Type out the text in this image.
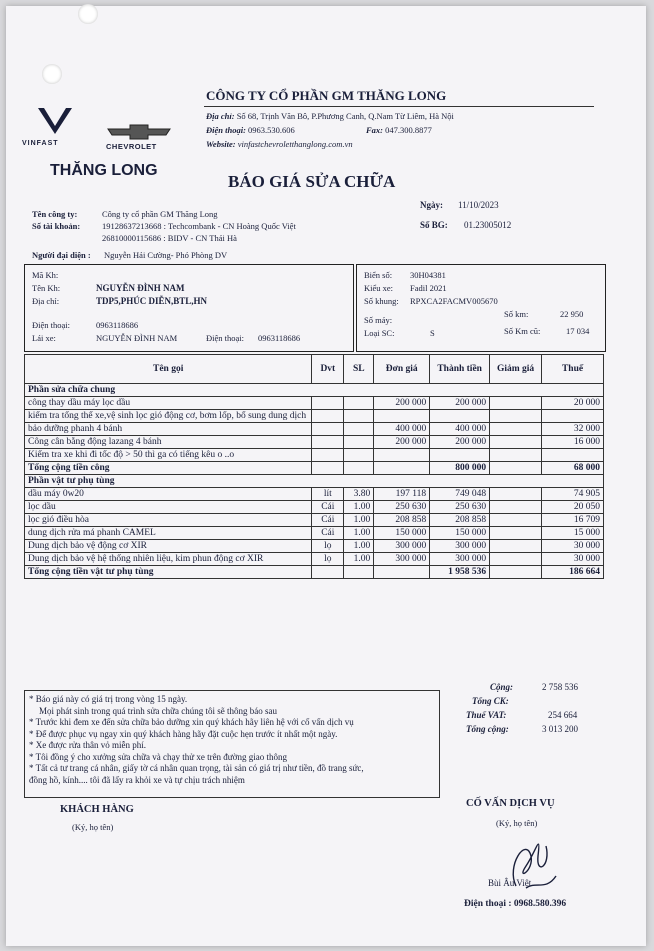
VINFAST	CHEVROLET
THĂNG LONG
CÔNG TY CỔ PHẦN GM THĂNG LONG
Địa chỉ: Số 68, Trịnh Văn Bô, P.Phương Canh, Q.Nam Từ Liêm, Hà Nội
Điện thoại: 0963.530.606	Fax: 047.300.8877
Website: vinfastchevroletthanglong.com.vn
BÁO GIÁ SỬA CHỮA
Ngày: 11/10/2023
Số BG: 01.23005012
Tên công ty:	Công ty cổ phần GM Thăng Long
Số tài khoản:	19128637213668 : Techcombank - CN Hoàng Quốc Việt
26810000115686 : BIDV - CN Thái Hà
Người đại diện : Nguyễn Hải Cường- Phó Phòng DV
Mã Kh:
Tên Kh:	NGUYỄN ĐÌNH NAM
Địa chỉ:	TDP5,PHÚC DIỄN,BTL,HN
Điện thoại:	0963118686
Lái xe:	NGUYỄN ĐÌNH NAM	Điện thoại: 0963118686
Biển số: 30H04381
Kiểu xe: Fadil 2021
Số khung: RPXCA2FACMV005670
Số máy:
Số km:	22 950
Loại SC:	S	Số Km cũ:	17 034
Tên gọi	Dvt	SL	Đơn giá	Thành tiền	Giảm giá	Thuế
Phần sửa chữa chung						
công thay dầu máy lọc dầu			200 000	200 000		20 000
kiểm tra tổng thể xe,vệ sinh lọc gió động cơ, bơm lốp, bổ sung dung dịch						
bảo dưỡng phanh 4 bánh			400 000	400 000		32 000
Công cân bằng động lazang 4 bánh			200 000	200 000		16 000
Kiểm tra xe khi đi tốc độ > 50 thì ga có tiếng kêu o ..o						
Tổng cộng tiền công				800 000		68 000
Phần vật tư phụ tùng						
dầu máy 0w20	lít	3.80	197 118	749 048		74 905
lọc dầu	Cái	1.00	250 630	250 630		20 050
lọc gió điều hòa	Cái	1.00	208 858	208 858		16 709
dung dịch rửa má phanh CAMEL	Cái	1.00	150 000	150 000		15 000
Dung dịch bảo vệ động cơ XIR	lọ	1.00	300 000	300 000		30 000
Dung dịch bảo vệ hệ thống nhiên liệu, kim phun động cơ XIR	lọ	1.00	300 000	300 000		30 000
Tổng cộng tiền vật tư phụ tùng				1 958 536		186 664
* Báo giá này có giá trị trong vòng 15 ngày.
Mọi phát sinh trong quá trình sửa chữa chúng tôi sẽ thông báo sau
* Trước khi đem xe đến sửa chữa bảo dưỡng xin quý khách hãy liên hệ với cố vấn dịch vụ
* Để được phục vụ ngay xin quý khách hàng hãy đặt cuộc hẹn trước ít nhất một ngày.
* Xe được rửa thân vỏ miễn phí.
* Tôi đồng ý cho xưởng sửa chữa và chạy thử xe trên đường giao thông
* Tất cả tư trang cá nhân, giấy tờ cá nhân quan trọng, tài sản có giá trị như tiền, đồ trang sức,
đồng hồ, kính.... tôi đã lấy ra khỏi xe và tự chịu trách nhiệm
Cộng:	2 758 536
Tổng CK:
Thuế VAT:	254 664
Tổng cộng:	3 013 200
KHÁCH HÀNG
(Ký, họ tên)
CỐ VẤN DỊCH VỤ
(Ký, họ tên)
Bùi Âu Việt
Điện thoại : 0968.580.396
